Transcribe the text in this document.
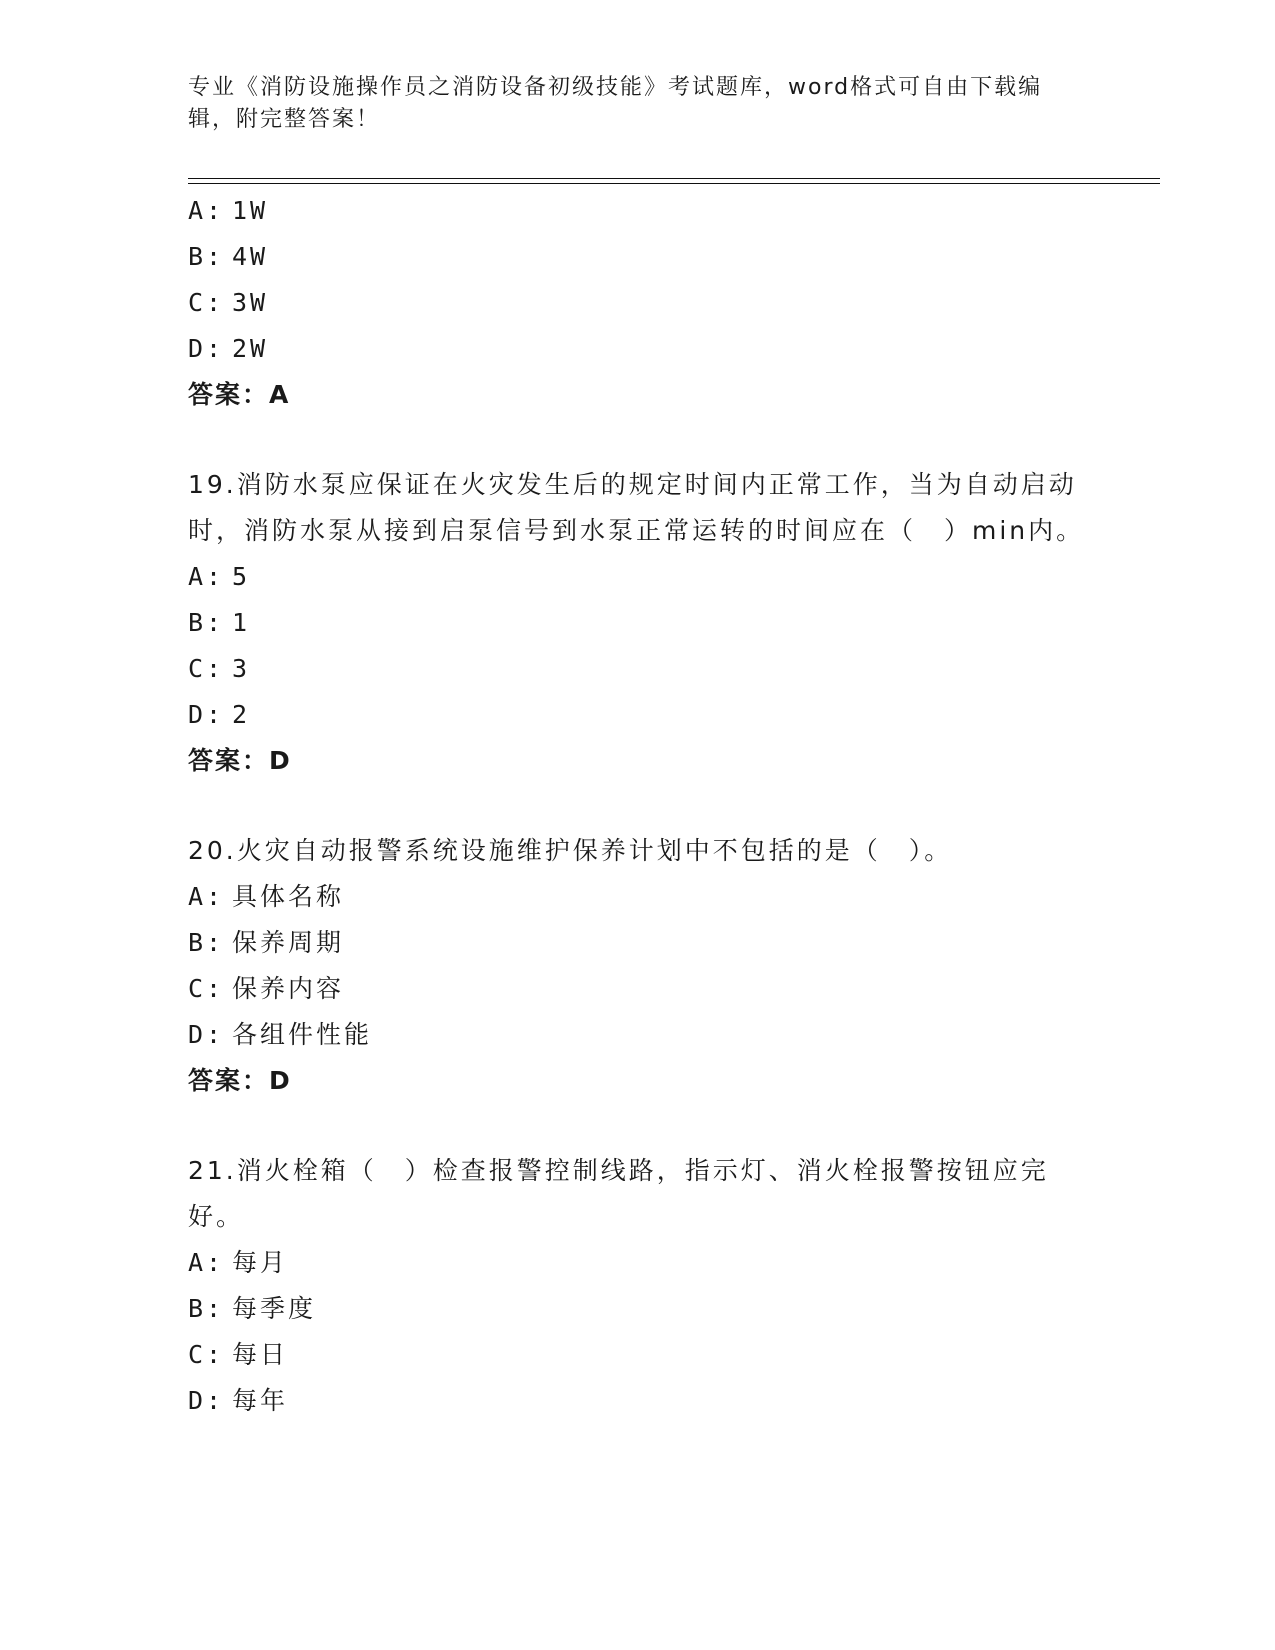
专业《消防设施操作员之消防设备初级技能》考试题库，word格式可自由下载编辑，附完整答案！
A: 1W
B: 4W
C: 3W
D: 2W
答案：A
19.消防水泵应保证在火灾发生后的规定时间内正常工作，当为自动启动时，消防水泵从接到启泵信号到水泵正常运转的时间应在（　）min内。
A: 5
B: 1
C: 3
D: 2
答案：D
20.火灾自动报警系统设施维护保养计划中不包括的是（　）。
A: 具体名称
B: 保养周期
C: 保养内容
D: 各组件性能
答案：D
21.消火栓箱（　）检查报警控制线路，指示灯、消火栓报警按钮应完好。
A: 每月
B: 每季度
C: 每日
D: 每年
